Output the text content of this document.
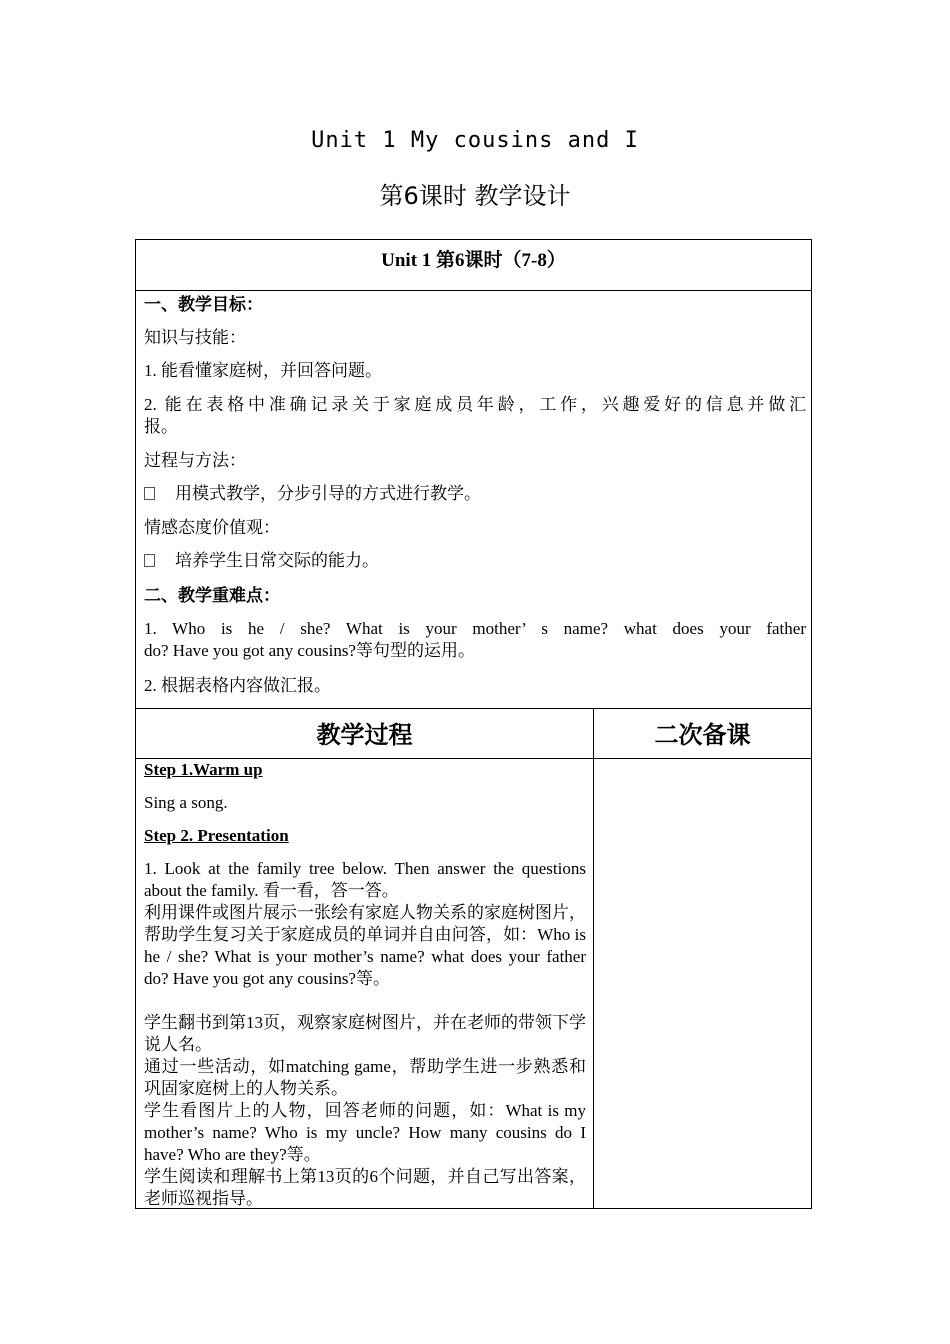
Unit 1 My cousins and I
第6课时 教学设计
Unit 1 第6课时（7-8）
一、教学目标：
知识与技能：
1. 能看懂家庭树，并回答问题。
2. 能在表格中准确记录关于家庭成员年龄，工作，兴趣爱好的信息并做汇
报。
过程与方法：
用模式教学，分步引导的方式进行教学。
情感态度价值观：
培养学生日常交际的能力。
二、教学重难点：
1. Who is he / she? What is your mother’ s name? what does your father
do? Have you got any cousins?等句型的运用。
2. 根据表格内容做汇报。
教学过程	二次备课
Step 1.Warm up
Sing a song.
Step 2. Presentation
1. Look at the family tree below. Then answer the questions about the family. 看一看，答一答。
利用课件或图片展示一张绘有家庭人物关系的家庭树图片，帮助学生复习关于家庭成员的单词并自由问答，如：Who is he / she? What is your mother’s name? what does your father do? Have you got any cousins?等。
学生翻书到第13页，观察家庭树图片，并在老师的带领下学说人名。
通过一些活动，如matching game，帮助学生进一步熟悉和巩固家庭树上的人物关系。
学生看图片上的人物，回答老师的问题，如：What is my mother’s name? Who is my uncle? How many cousins do I have? Who are they?等。
学生阅读和理解书上第13页的6个问题，并自己写出答案，老师巡视指导。
